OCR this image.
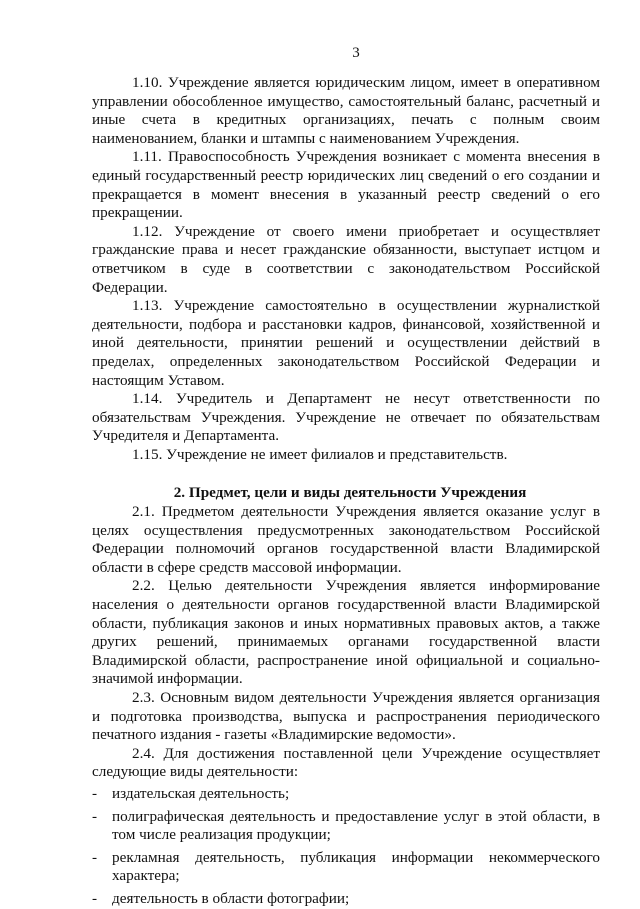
3

1.10. Учреждение является юридическим лицом, имеет в оперативном управлении обособленное имущество, самостоятельный баланс, расчетный и иные счета в кредитных организациях, печать с полным своим наименованием, бланки и штампы с наименованием Учреждения.

1.11. Правоспособность Учреждения возникает с момента внесения в единый государственный реестр юридических лиц сведений о его создании и прекращается в момент внесения в указанный реестр сведений о его прекращении.

1.12. Учреждение от своего имени приобретает и осуществляет гражданские права и несет гражданские обязанности, выступает истцом и ответчиком в суде в соответствии с законодательством Российской Федерации.

1.13. Учреждение самостоятельно в осуществлении журналисткой деятельности, подбора и расстановки кадров, финансовой, хозяйственной и иной деятельности, принятии решений и осуществлении действий в пределах, определенных законодательством Российской Федерации и настоящим Уставом.

1.14. Учредитель и Департамент не несут ответственности по обязательствам Учреждения. Учреждение не отвечает по обязательствам Учредителя и Департамента.

1.15. Учреждение не имеет филиалов и представительств.

2. Предмет, цели и виды деятельности Учреждения

2.1. Предметом деятельности Учреждения является оказание услуг в целях осуществления предусмотренных законодательством Российской Федерации полномочий органов государственной власти Владимирской области в сфере средств массовой информации.

2.2. Целью деятельности Учреждения является информирование населения о деятельности органов государственной власти Владимирской области, публикация законов и иных нормативных правовых актов, а также других решений, принимаемых органами государственной власти Владимирской области, распространение иной официальной и социально-значимой информации.

2.3. Основным видом деятельности Учреждения является организация и подготовка производства, выпуска и распространения периодического печатного издания - газеты «Владимирские ведомости».

2.4. Для достижения поставленной цели Учреждение осуществляет следующие виды деятельности:

- издательская деятельность;
- полиграфическая деятельность и предоставление услуг в этой области, в том числе реализация продукции;
- рекламная деятельность, публикация информации некоммерческого характера;
- деятельность в области фотографии;
